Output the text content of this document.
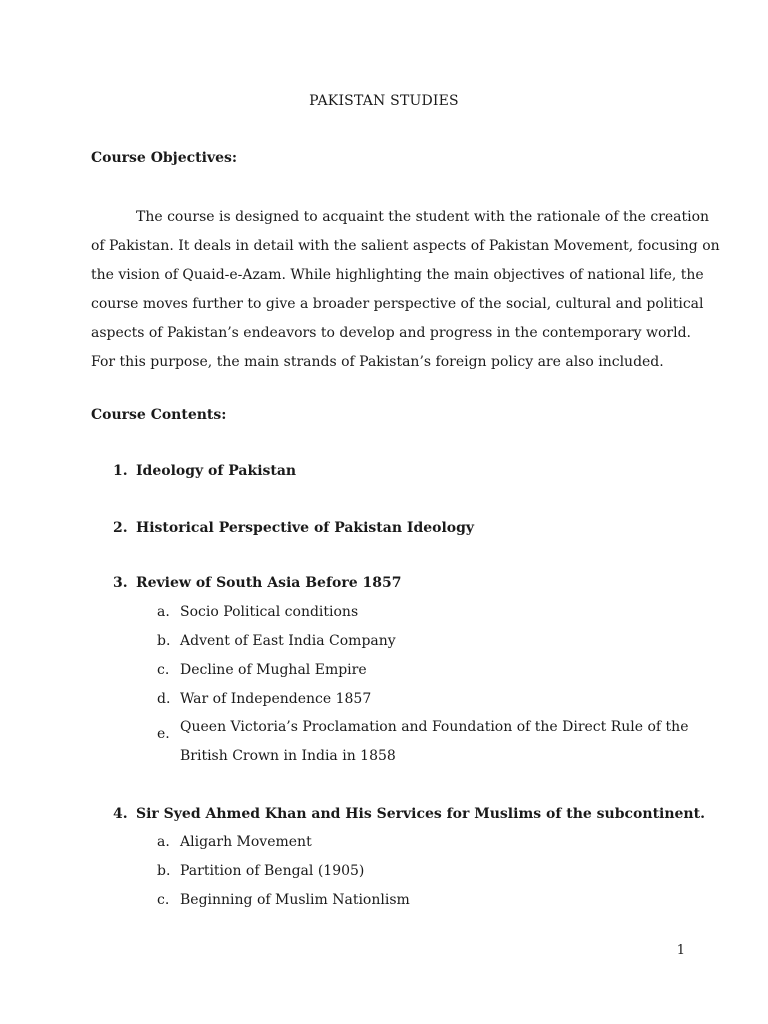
PAKISTAN STUDIES
Course Objectives:
The course is designed to acquaint the student with the rationale of the creation
of Pakistan. It deals in detail with the salient aspects of Pakistan Movement, focusing on
the vision of Quaid-e-Azam. While highlighting the main objectives of national life, the
course moves further to give a broader perspective of the social, cultural and political
aspects of Pakistan’s endeavors to develop and progress in the contemporary world.
For this purpose, the main strands of Pakistan’s foreign policy are also included.
Course Contents:
1. Ideology of Pakistan
2. Historical Perspective of Pakistan Ideology
3. Review of South Asia Before 1857
a. Socio Political conditions
b. Advent of East India Company
c. Decline of Mughal Empire
d. War of Independence 1857
e. Queen Victoria’s Proclamation and Foundation of the Direct Rule of the
British Crown in India in 1858
4. Sir Syed Ahmed Khan and His Services for Muslims of the subcontinent.
a. Aligarh Movement
b. Partition of Bengal (1905)
c. Beginning of Muslim Nationlism
1
